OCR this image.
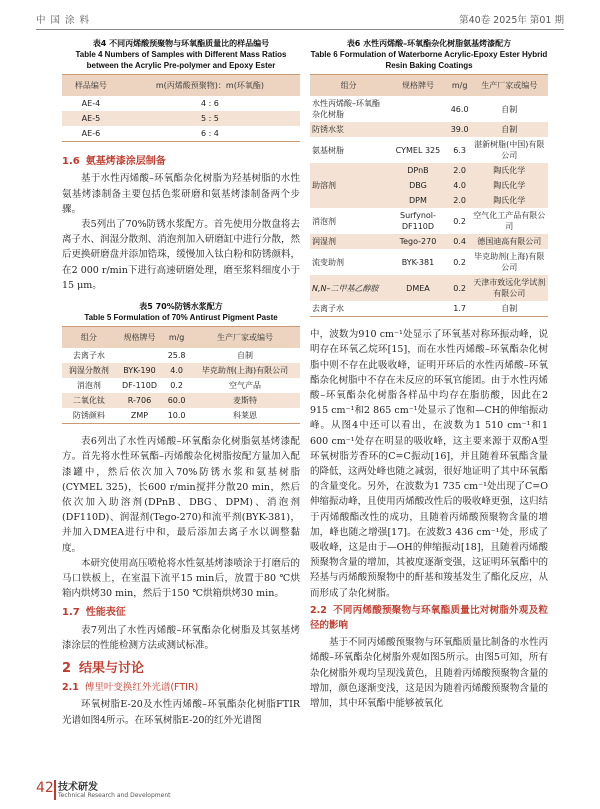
中 国 涂 料	第40卷 2025年 第01 期
表4 不同丙烯酸预聚物与环氧酯质量比的样品编号
Table 4 Numbers of Samples with Different Mass Ratios between the Acrylic Pre-polymer and Epoxy Ester
样品编号	m(丙烯酸预聚物)：m(环氧酯)
AE-4	4 : 6
AE-5	5 : 5
AE-6	6 : 4
1.6 氨基烤漆涂层制备

基于水性丙烯酸–环氧酯杂化树脂为羟基树脂的水性氨基烤漆制备主要包括色浆研磨和氨基烤漆制备两个步骤。

表5列出了70%防锈水浆配方。首先使用分散盘将去离子水、润湿分散剂、消泡剂加入研磨缸中进行分散，然后更换研磨盘并添加锆珠，缓慢加入钛白粉和防锈颜料，在2 000 r/min下进行高速研磨处理，磨至浆料细度小于15 μm。

表5 70%防锈水浆配方
Table 5 Formulation of 70% Antirust Pigment Paste
组分	规格牌号	m/g	生产厂家或编号
去离子水		25.8	自制
润湿分散剂	BYK-190	4.0	毕克助剂(上海)有限公司
消泡剂	DF-110D	0.2	空气产品
二氧化钛	R-706	60.0	麦斯特
防锈颜料	ZMP	10.0	科莱恩

表6列出了水性丙烯酸–环氧酯杂化树脂氨基烤漆配方。首先将水性环氧酯–丙烯酸杂化树脂按配方量加入配漆罐中，然后依次加入70%防锈水浆和氨基树脂(CYMEL 325)，长600 r/min搅拌分散20 min，然后依次加入助溶剂(DPnB、DBG、DPM)、消泡剂(DF110D)、润湿剂(Tego-270)和流平剂(BYK-381)，并加入DMEA进行中和，最后添加去离子水以调整黏度。

本研究使用高压喷枪将水性氨基烤漆喷涂于打磨后的马口铁板上，在室温下流平15 min后，放置于80 ℃烘箱内烘烤30 min，然后于150 ℃烘箱烘烤30 min。

1.7 性能表征

表7列出了水性丙烯酸–环氧酯杂化树脂及其氨基烤漆涂层的性能检测方法或测试标准。

2 结果与讨论
2.1 傅里叶变换红外光谱(FTIR)

环氧树脂E-20及水性丙烯酸–环氧酯杂化树脂FTIR光谱如图4所示。在环氧树脂E-20的红外光谱图

表6 水性丙烯酸–环氧酯杂化树脂氨基烤漆配方
Table 6 Formulation of Waterborne Acrylic-Epoxy Ester Hybrid Resin Baking Coatings
组分	规格牌号	m/g	生产厂家或编号
水性丙烯酸–环氧酯杂化树脂		46.0	自制
防锈水浆		39.0	自制
氨基树脂	CYMEL 325	6.3	湛新树脂(中国)有限公司
助溶剂	DPnB	2.0	陶氏化学
	DBG	4.0	陶氏化学
	DPM	2.0	陶氏化学
消泡剂	Surfynol-DF110D	0.2	空气化工产品有限公司
润湿剂	Tego-270	0.4	德国迪高有限公司
流变助剂	BYK-381	0.2	毕克助剂(上海)有限公司
N,N–二甲基乙醇胺	DMEA	0.2	天津市致远化学试剂有限公司
去离子水		1.7	自制

中，波数为910 cm⁻¹处显示了环氧基对称环振动峰，说明存在环氧乙烷环[15]，而在水性丙烯酸–环氧酯杂化树脂中则不存在此吸收峰，证明开环后的水性丙烯酸–环氧酯杂化树脂中不存在未反应的环氧官能团。由于水性丙烯酸–环氧酯杂化树脂各样品中均存在脂肪酸，因此在2 915 cm⁻¹和2 865 cm⁻¹处显示了饱和—CH的伸缩振动峰。从图4中还可以看出，在波数为1 510 cm⁻¹和1 600 cm⁻¹处存在明显的吸收峰，这主要来源于双酚A型环氧树脂芳香环的C=C振动[16]，并且随着环氧酯含量的降低，这两处峰也随之减弱，很好地证明了其中环氧酯的含量变化。另外，在波数为1 735 cm⁻¹处出现了C=O伸缩振动峰，且使用丙烯酸改性后的吸收峰更强，这归结于丙烯酸酯改性的成功，且随着丙烯酸预聚物含量的增加，峰也随之增强[17]。在波数3 436 cm⁻¹处，形成了吸收峰，这是由于—OH的伸缩振动[18]，且随着丙烯酸预聚物含量的增加，其被度逐渐变强，这证明环氧酯中的羟基与丙烯酸预聚物中的酐基和羧基发生了酯化反应，从而形成了杂化树脂。

2.2 不同丙烯酸预聚物与环氧酯质量比对树脂外观及粒径的影响

基于不同丙烯酸预聚物与环氧酯质量比制备的水性丙烯酸–环氧酯杂化树脂外观如图5所示。由图5可知，所有杂化树脂外观均呈现浅黄色，且随着丙烯酸预聚物含量的增加，颜色逐渐变浅，这是因为随着丙烯酸预聚物含量的增加，其中环氧酯中能够被氧化

42 技术研发
Technical Research and Development
